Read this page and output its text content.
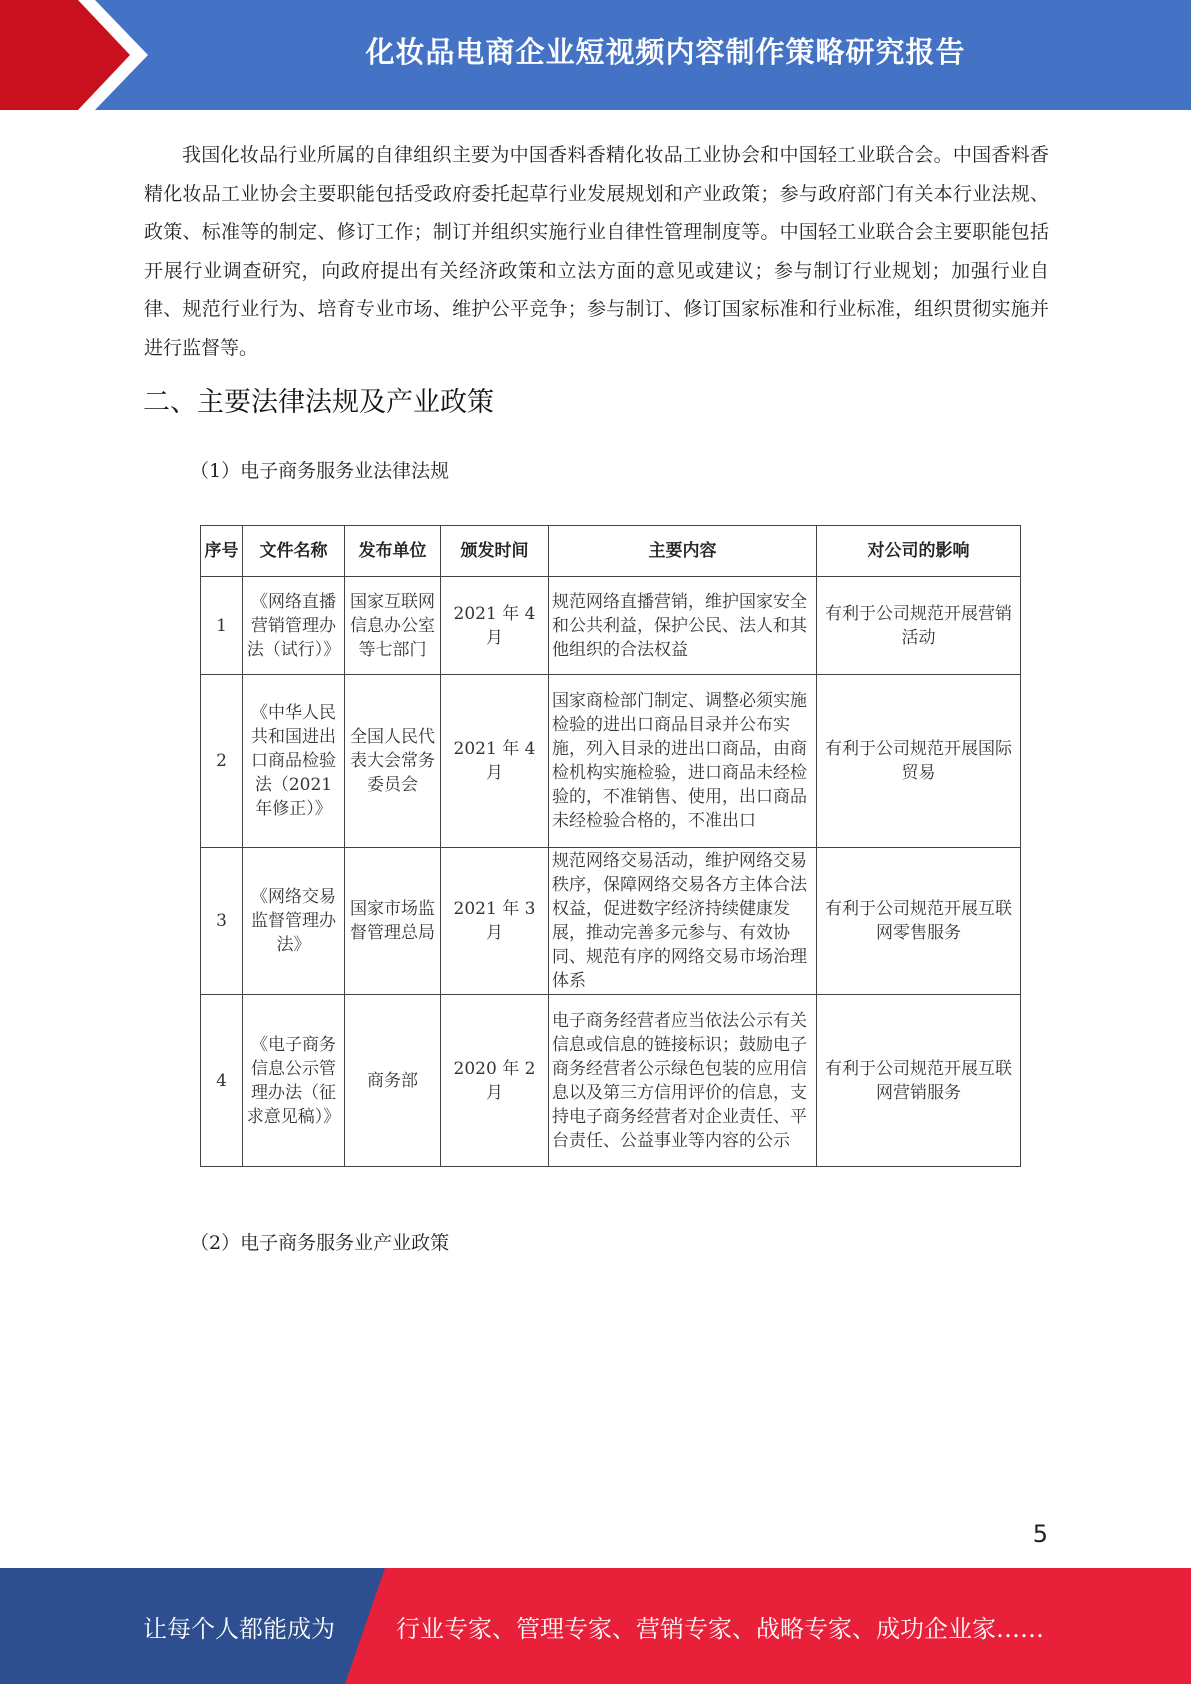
化妆品电商企业短视频内容制作策略研究报告

我国化妆品行业所属的自律组织主要为中国香料香精化妆品工业协会和中国轻工业联合会。中国香料香精化妆品工业协会主要职能包括受政府委托起草行业发展规划和产业政策；参与政府部门有关本行业法规、政策、标准等的制定、修订工作；制订并组织实施行业自律性管理制度等。中国轻工业联合会主要职能包括开展行业调查研究，向政府提出有关经济政策和立法方面的意见或建议；参与制订行业规划；加强行业自律、规范行业行为、培育专业市场、维护公平竞争；参与制订、修订国家标准和行业标准，组织贯彻实施并进行监督等。

二、主要法律法规及产业政策

（1）电子商务服务业法律法规

序号	文件名称	发布单位	颁发时间	主要内容	对公司的影响
1	《网络直播营销管理办法（试行）》	国家互联网信息办公室等七部门	2021 年 4 月	规范网络直播营销，维护国家安全和公共利益，保护公民、法人和其他组织的合法权益	有利于公司规范开展营销活动
2	《中华人民共和国进出口商品检验法（2021 年修正）》	全国人民代表大会常务委员会	2021 年 4 月	国家商检部门制定、调整必须实施检验的进出口商品目录并公布实施，列入目录的进出口商品，由商检机构实施检验，进口商品未经检验的，不准销售、使用，出口商品未经检验合格的，不准出口	有利于公司规范开展国际贸易
3	《网络交易监督管理办法》	国家市场监督管理总局	2021 年 3 月	规范网络交易活动，维护网络交易秩序，保障网络交易各方主体合法权益，促进数字经济持续健康发展，推动完善多元参与、有效协同、规范有序的网络交易市场治理体系	有利于公司规范开展互联网零售服务
4	《电子商务信息公示管理办法（征求意见稿）》	商务部	2020 年 2 月	电子商务经营者应当依法公示有关信息或信息的链接标识；鼓励电子商务经营者公示绿色包装的应用信息以及第三方信用评价的信息，支持电子商务经营者对企业责任、平台责任、公益事业等内容的公示	有利于公司规范开展互联网营销服务

（2）电子商务服务业产业政策

5
让每个人都能成为	行业专家、管理专家、营销专家、战略专家、成功企业家……
